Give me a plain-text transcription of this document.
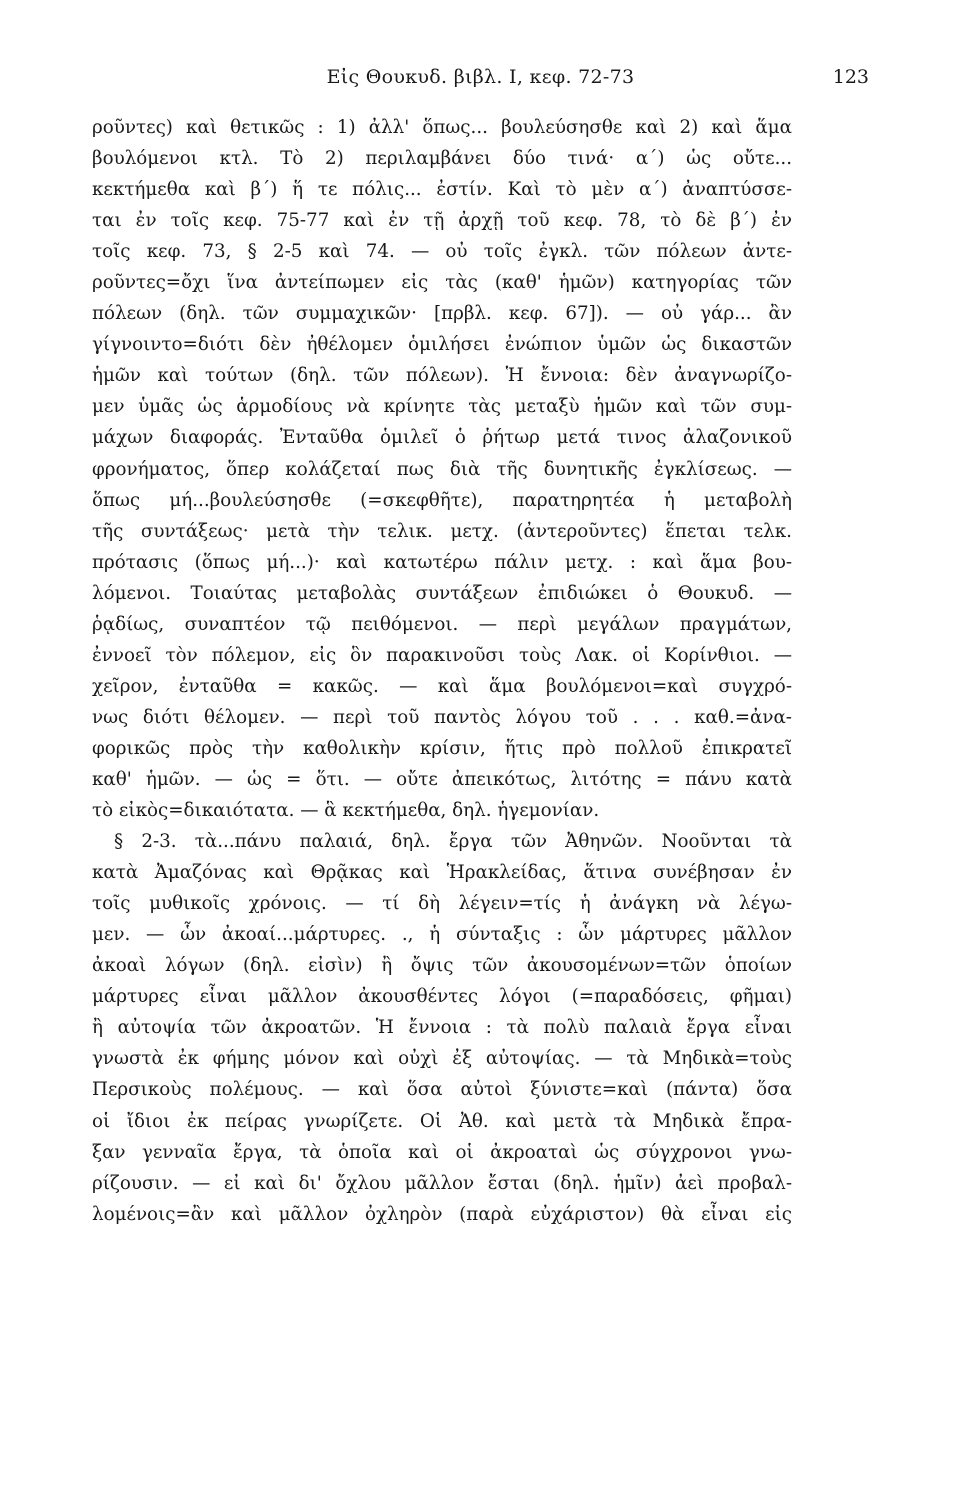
Εἰς Θουκυδ. βιβλ. Ι, κεφ. 72-73	123
ροῦντες) καὶ θετικῶς : 1) ἀλλ' ὅπως... βουλεύσησθε καὶ 2) καὶ ἅμα
βουλόμενοι κτλ. Τὸ 2) περιλαμβάνει δύο τινά· α΄) ὡς οὔτε...
κεκτήμεθα καὶ β΄) ἥ τε πόλις... ἐστίν. Καὶ τὸ μὲν α΄) ἀναπτύσσε-
ται ἐν τοῖς κεφ. 75-77 καὶ ἐν τῇ ἀρχῇ τοῦ κεφ. 78, τὸ δὲ β΄) ἐν
τοῖς κεφ. 73, § 2-5 καὶ 74. — οὐ τοῖς ἐγκλ. τῶν πόλεων ἀντε-
ροῦντες=ὄχι ἵνα ἀντείπωμεν εἰς τὰς (καθ' ἡμῶν) κατηγορίας τῶν
πόλεων (δηλ. τῶν συμμαχικῶν· [πρβλ. κεφ. 67]). — οὐ γάρ... ἂν
γίγνοιντο=διότι δὲν ἠθέλομεν ὁμιλήσει ἐνώπιον ὑμῶν ὡς δικαστῶν
ἡμῶν καὶ τούτων (δηλ. τῶν πόλεων). Ἡ ἔννοια: δὲν ἀναγνωρίζο-
μεν ὑμᾶς ὡς ἁρμοδίους νὰ κρίνητε τὰς μεταξὺ ἡμῶν καὶ τῶν συμ-
μάχων διαφοράς. Ἐνταῦθα ὁμιλεῖ ὁ ῥήτωρ μετά τινος ἀλαζονικοῦ
φρονήματος, ὅπερ κολάζεταί πως διὰ τῆς δυνητικῆς ἐγκλίσεως. —
ὅπως μή...βουλεύσησθε (=σκεφθῆτε), παρατηρητέα ἡ μεταβολὴ
τῆς συντάξεως· μετὰ τὴν τελικ. μετχ. (ἀντεροῦντες) ἕπεται τελκ.
πρότασις (ὅπως μή...)· καὶ κατωτέρω πάλιν μετχ. : καὶ ἅμα βου-
λόμενοι. Τοιαύτας μεταβολὰς συντάξεων ἐπιδιώκει ὁ Θουκυδ. —
ῥᾳδίως, συναπτέον τῷ πειθόμενοι. — περὶ μεγάλων πραγμάτων,
ἐννοεῖ τὸν πόλεμον, εἰς ὃν παρακινοῦσι τοὺς Λακ. οἱ Κορίνθιοι. —
χεῖρον, ἐνταῦθα = κακῶς. — καὶ ἅμα βουλόμενοι=καὶ συγχρό-
νως διότι θέλομεν. — περὶ τοῦ παντὸς λόγου τοῦ . . . καθ.=ἀνα-
φορικῶς πρὸς τὴν καθολικὴν κρίσιν, ἥτις πρὸ πολλοῦ ἐπικρατεῖ
καθ' ἡμῶν. — ὡς = ὅτι. — οὔτε ἀπεικότως, λιτότης = πάνυ κατὰ
τὸ εἰκὸς=δικαιότατα. — ἃ κεκτήμεθα, δηλ. ἡγεμονίαν.
§ 2-3. τὰ...πάνυ παλαιά, δηλ. ἔργα τῶν Ἀθηνῶν. Νοοῦνται τὰ
κατὰ Ἀμαζόνας καὶ Θρᾷκας καὶ Ἡρακλείδας, ἅτινα συνέβησαν ἐν
τοῖς μυθικοῖς χρόνοις. — τί δὴ λέγειν=τίς ἡ ἀνάγκη νὰ λέγω-
μεν. — ὧν ἀκοαί...μάρτυρες. ., ἡ σύνταξις : ὧν μάρτυρες μᾶλλον
ἀκοαὶ λόγων (δηλ. εἰσὶν) ἢ ὄψις τῶν ἀκουσομένων=τῶν ὁποίων
μάρτυρες εἶναι μᾶλλον ἀκουσθέντες λόγοι (=παραδόσεις, φῆμαι)
ἢ αὐτοψία τῶν ἀκροατῶν. Ἡ ἔννοια : τὰ πολὺ παλαιὰ ἔργα εἶναι
γνωστὰ ἐκ φήμης μόνον καὶ οὐχὶ ἐξ αὐτοψίας. — τὰ Μηδικὰ=τοὺς
Περσικοὺς πολέμους. — καὶ ὅσα αὐτοὶ ξύνιστε=καὶ (πάντα) ὅσα
οἱ ἴδιοι ἐκ πείρας γνωρίζετε. Οἱ Ἀθ. καὶ μετὰ τὰ Μηδικὰ ἔπρα-
ξαν γενναῖα ἔργα, τὰ ὁποῖα καὶ οἱ ἀκροαταὶ ὡς σύγχρονοι γνω-
ρίζουσιν. — εἰ καὶ δι' ὄχλου μᾶλλον ἔσται (δηλ. ἡμῖν) ἀεὶ προβαλ-
λομένοις=ἂν καὶ μᾶλλον ὀχληρὸν (παρὰ εὐχάριστον) θὰ εἶναι εἰς
